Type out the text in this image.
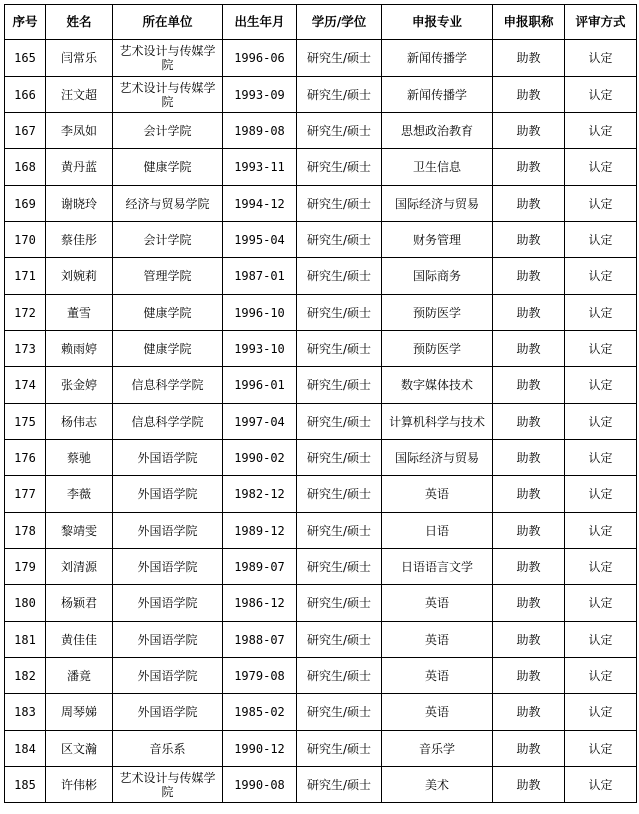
序号	姓名	所在单位	出生年月	学历/学位	申报专业	申报职称	评审方式
165	闫常乐	艺术设计与传媒学院	1996-06	研究生/硕士	新闻传播学	助教	认定
166	汪文超	艺术设计与传媒学院	1993-09	研究生/硕士	新闻传播学	助教	认定
167	李凤如	会计学院	1989-08	研究生/硕士	思想政治教育	助教	认定
168	黄丹蓝	健康学院	1993-11	研究生/硕士	卫生信息	助教	认定
169	谢晓玲	经济与贸易学院	1994-12	研究生/硕士	国际经济与贸易	助教	认定
170	蔡佳彤	会计学院	1995-04	研究生/硕士	财务管理	助教	认定
171	刘婉莉	管理学院	1987-01	研究生/硕士	国际商务	助教	认定
172	董雪	健康学院	1996-10	研究生/硕士	预防医学	助教	认定
173	赖雨婷	健康学院	1993-10	研究生/硕士	预防医学	助教	认定
174	张金婷	信息科学学院	1996-01	研究生/硕士	数字媒体技术	助教	认定
175	杨伟志	信息科学学院	1997-04	研究生/硕士	计算机科学与技术	助教	认定
176	蔡驰	外国语学院	1990-02	研究生/硕士	国际经济与贸易	助教	认定
177	李薇	外国语学院	1982-12	研究生/硕士	英语	助教	认定
178	黎靖雯	外国语学院	1989-12	研究生/硕士	日语	助教	认定
179	刘清源	外国语学院	1989-07	研究生/硕士	日语语言文学	助教	认定
180	杨颖君	外国语学院	1986-12	研究生/硕士	英语	助教	认定
181	黄佳佳	外国语学院	1988-07	研究生/硕士	英语	助教	认定
182	潘竟	外国语学院	1979-08	研究生/硕士	英语	助教	认定
183	周琴娣	外国语学院	1985-02	研究生/硕士	英语	助教	认定
184	区文瀚	音乐系	1990-12	研究生/硕士	音乐学	助教	认定
185	许伟彬	艺术设计与传媒学院	1990-08	研究生/硕士	美术	助教	认定
